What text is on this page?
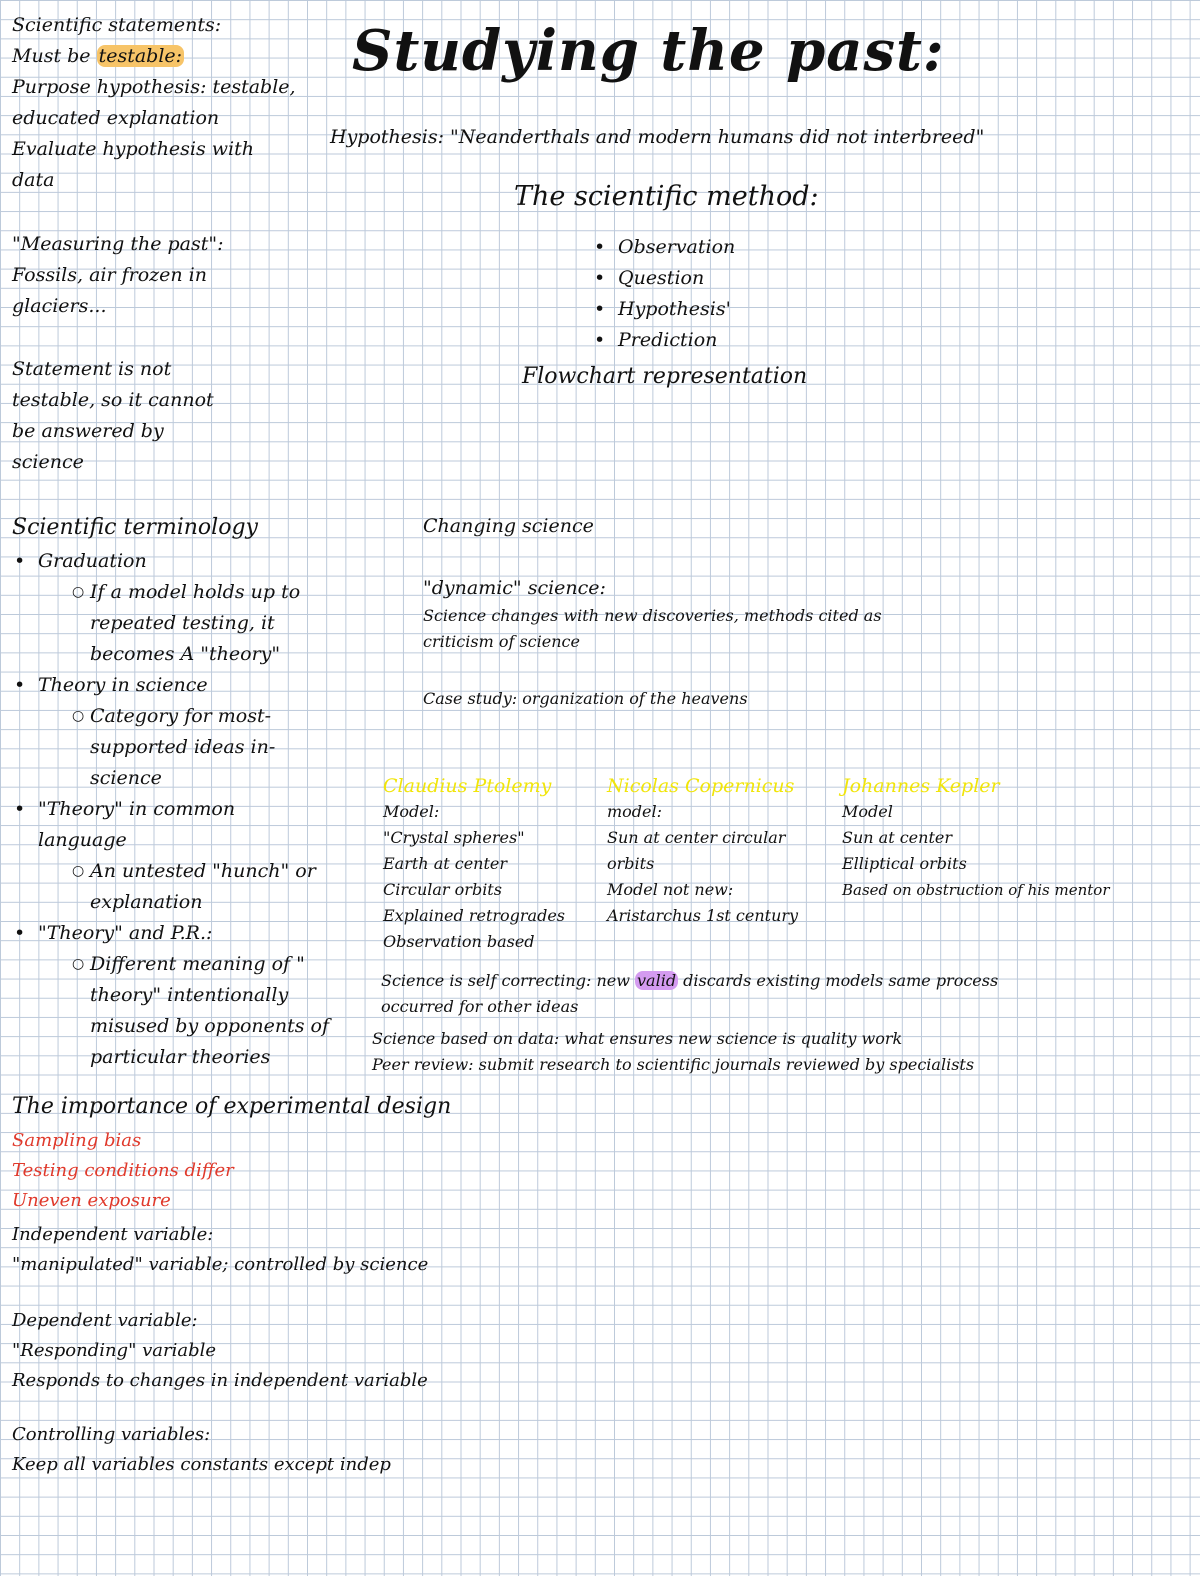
Studying the past:
Hypothesis: "Neanderthals and modern humans did not interbreed"
Scientific statements:
Must be testable:
Purpose hypothesis: testable,
educated explanation
Evaluate hypothesis with
data
"Measuring the past":
Fossils, air frozen in
glaciers...
Statement is not
testable, so it cannot
be answered by
science
The scientific method:
• Observation
• Question
• Hypothesis'
• Prediction
Flowchart representation
Scientific terminology
• Graduation
○ If a model holds up to
repeated testing, it
becomes A "theory"
• Theory in science
○ Category for most-
supported ideas in-
science
• "Theory" in common
language
○ An untested "hunch" or
explanation
• "Theory" and P.R.:
○ Different meaning of "
theory" intentionally
misused by opponents of
particular theories
Changing science
"dynamic" science:
Science changes with new discoveries, methods cited as
criticism of science
Case study: organization of the heavens
Claudius Ptolemy
Model:
"Crystal spheres"
Earth at center
Circular orbits
Explained retrogrades
Observation based
Nicolas Copernicus
model:
Sun at center circular
orbits
Model not new:
Aristarchus 1st century
Johannes Kepler
Model
Sun at center
Elliptical orbits
Based on obstruction of his mentor
Science is self correcting: new valid discards existing models same process
occurred for other ideas
Science based on data: what ensures new science is quality work
Peer review: submit research to scientific journals reviewed by specialists
The importance of experimental design
Sampling bias
Testing conditions differ
Uneven exposure
Independent variable:
"manipulated" variable; controlled by science
Dependent variable:
"Responding" variable
Responds to changes in independent variable
Controlling variables:
Keep all variables constants except indep
